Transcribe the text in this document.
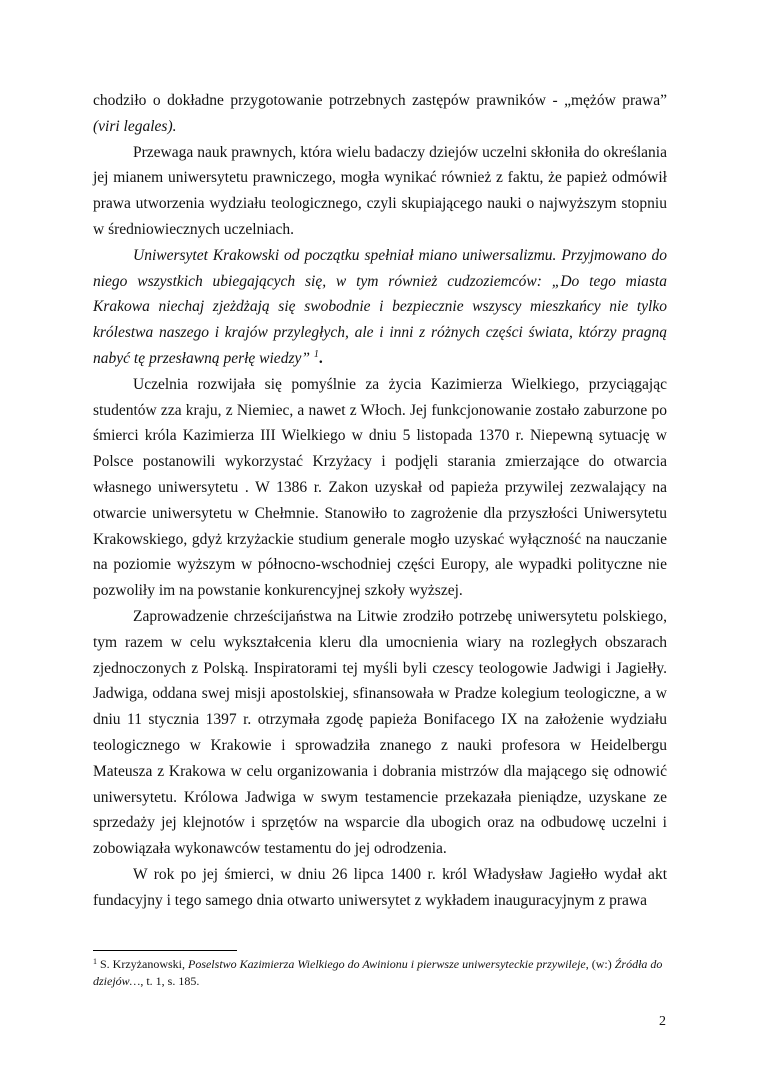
chodziło o dokładne przygotowanie potrzebnych zastępów prawników - „mężów prawa”

(viri legales).

Przewaga nauk prawnych, która wielu badaczy dziejów uczelni skłoniła do określania jej mianem uniwersytetu prawniczego, mogła wynikać również z faktu, że papież odmówił prawa utworzenia wydziału teologicznego, czyli skupiającego nauki o najwyższym stopniu w średniowiecznych uczelniach.

Uniwersytet Krakowski od początku spełniał miano uniwersalizmu. Przyjmowano do niego wszystkich ubiegających się, w tym również cudzoziemców: „Do tego miasta Krakowa niechaj zjeżdżają się swobodnie i bezpiecznie wszyscy mieszkańcy nie tylko królestwa naszego i krajów przyległych, ale i inni z różnych części świata, którzy pragną nabyć tę przesławną perłę wiedzy” $^1$.

Uczelnia rozwijała się pomyślnie za życia Kazimierza Wielkiego, przyciągając studentów zza kraju, z Niemiec, a nawet z Włoch. Jej funkcjonowanie zostało zaburzone po śmierci króla Kazimierza III Wielkiego w dniu 5 listopada 1370 r. Niepewną sytuację w Polsce postanowili wykorzystać Krzyżacy i podjęli starania zmierzające do otwarcia własnego uniwersytetu . W 1386 r. Zakon uzyskał od papieża przywilej zezwalający na otwarcie uniwersytetu w Chełmnie. Stanowiło to zagrożenie dla przyszłości Uniwersytetu Krakowskiego, gdyż krzyżackie studium generale mogło uzyskać wyłączność na nauczanie na poziomie wyższym w północno-wschodniej części Europy, ale wypadki polityczne nie pozwoliły im na powstanie konkurencyjnej szkoły wyższej.

Zaprowadzenie chrześcijaństwa na Litwie zrodziło potrzebę uniwersytetu polskiego, tym razem w celu wykształcenia kleru dla umocnienia wiary na rozległych obszarach zjednoczonych z Polską. Inspiratorami tej myśli byli czescy teologowie Jadwigi i Jagiełły. Jadwiga, oddana swej misji apostolskiej, sfinansowała w Pradze kolegium teologiczne, a w dniu 11 stycznia 1397 r. otrzymała zgodę papieża Bonifacego IX na założenie wydziału teologicznego w Krakowie i sprowadziła znanego z nauki profesora w Heidelbergu Mateusza z Krakowa w celu organizowania i dobrania mistrzów dla mającego się odnowić uniwersytetu. Królowa Jadwiga w swym testamencie przekazała pieniądze, uzyskane ze sprzedaży jej klejnotów i sprzętów na wsparcie dla ubogich oraz na odbudowę uczelni i zobowiązała wykonawców testamentu do jej odrodzenia.

W rok po jej śmierci, w dniu 26 lipca 1400 r. król Władysław Jagiełło wydał akt fundacyjny i tego samego dnia otwarto uniwersytet z wykładem inauguracyjnym z prawa

$^1$ S. Krzyżanowski, Poselstwo Kazimierza Wielkiego do Awinionu i pierwsze uniwersyteckie przywileje, (w:) Źródła do dziejów…, t. 1, s. 185.
2
